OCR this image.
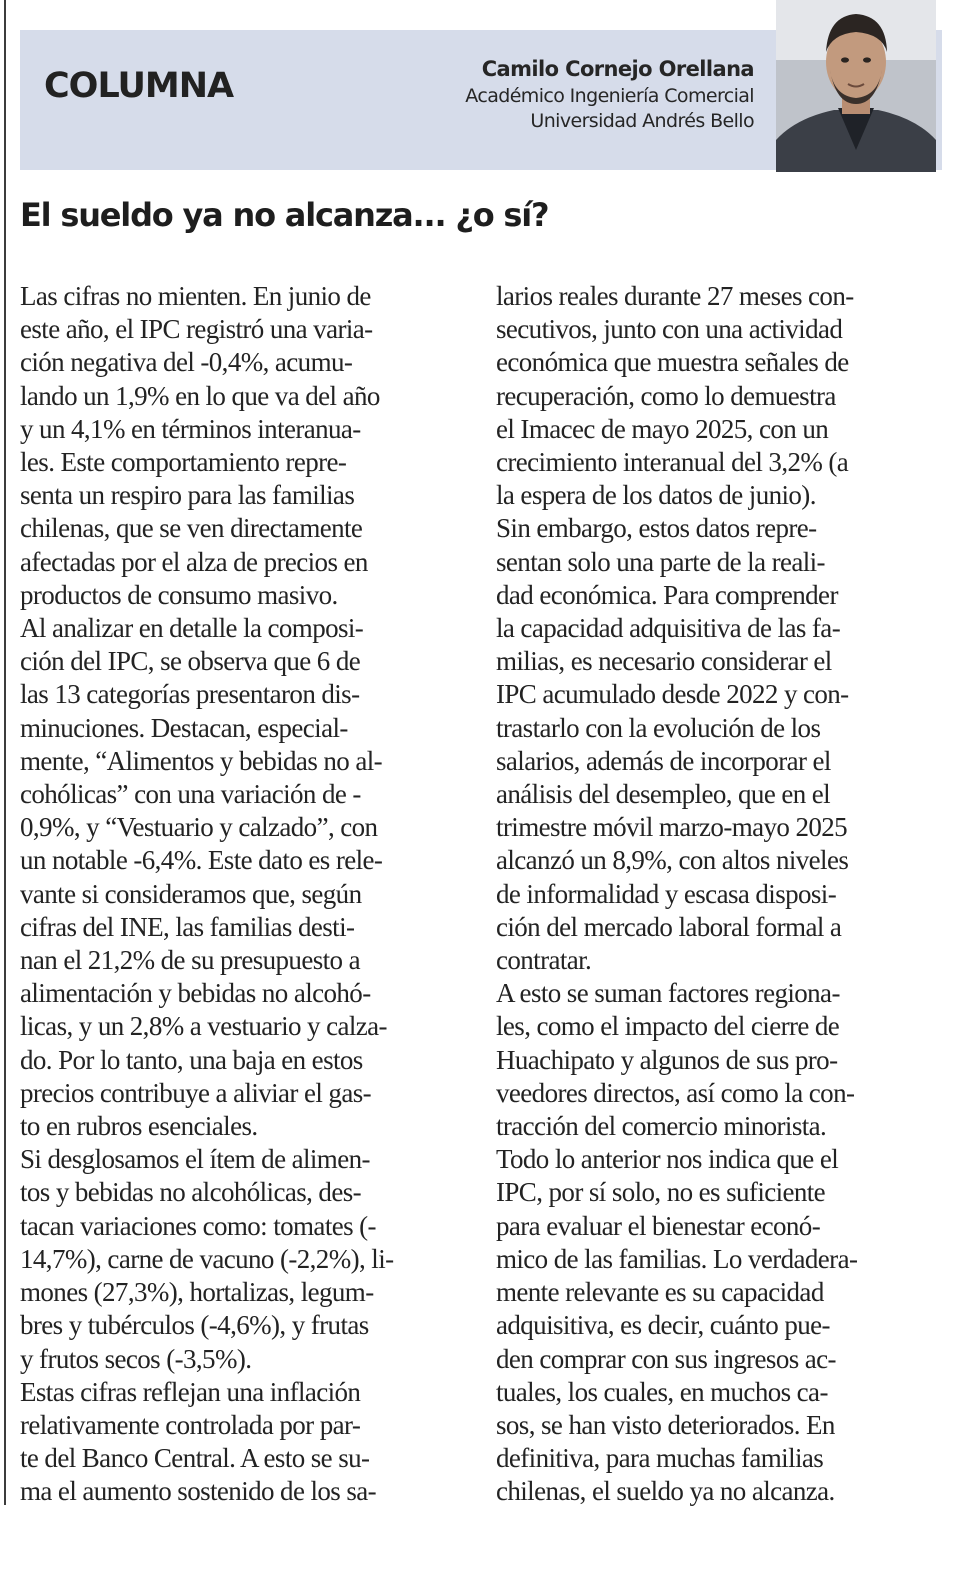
COLUMNA	Camilo Cornejo Orellana
Académico Ingeniería Comercial
Universidad Andrés Bello
El sueldo ya no alcanza... ¿o sí?
Las cifras no mienten. En junio de
este año, el IPC registró una varia-
ción negativa del -0,4%, acumu-
lando un 1,9% en lo que va del año
y un 4,1% en términos interanua-
les. Este comportamiento repre-
senta un respiro para las familias
chilenas, que se ven directamente
afectadas por el alza de precios en
productos de consumo masivo.
Al analizar en detalle la composi-
ción del IPC, se observa que 6 de
las 13 categorías presentaron dis-
minuciones. Destacan, especial-
mente, “Alimentos y bebidas no al-
cohólicas” con una variación de -
0,9%, y “Vestuario y calzado”, con
un notable -6,4%. Este dato es rele-
vante si consideramos que, según
cifras del INE, las familias desti-
nan el 21,2% de su presupuesto a
alimentación y bebidas no alcohó-
licas, y un 2,8% a vestuario y calza-
do. Por lo tanto, una baja en estos
precios contribuye a aliviar el gas-
to en rubros esenciales.
Si desglosamos el ítem de alimen-
tos y bebidas no alcohólicas, des-
tacan variaciones como: tomates (-
14,7%), carne de vacuno (-2,2%), li-
mones (27,3%), hortalizas, legum-
bres y tubérculos (-4,6%), y frutas
y frutos secos (-3,5%).
Estas cifras reflejan una inflación
relativamente controlada por par-
te del Banco Central. A esto se su-
ma el aumento sostenido de los sa-
larios reales durante 27 meses con-
secutivos, junto con una actividad
económica que muestra señales de
recuperación, como lo demuestra
el Imacec de mayo 2025, con un
crecimiento interanual del 3,2% (a
la espera de los datos de junio).
Sin embargo, estos datos repre-
sentan solo una parte de la reali-
dad económica. Para comprender
la capacidad adquisitiva de las fa-
milias, es necesario considerar el
IPC acumulado desde 2022 y con-
trastarlo con la evolución de los
salarios, además de incorporar el
análisis del desempleo, que en el
trimestre móvil marzo-mayo 2025
alcanzó un 8,9%, con altos niveles
de informalidad y escasa disposi-
ción del mercado laboral formal a
contratar.
A esto se suman factores regiona-
les, como el impacto del cierre de
Huachipato y algunos de sus pro-
veedores directos, así como la con-
tracción del comercio minorista.
Todo lo anterior nos indica que el
IPC, por sí solo, no es suficiente
para evaluar el bienestar econó-
mico de las familias. Lo verdadera-
mente relevante es su capacidad
adquisitiva, es decir, cuánto pue-
den comprar con sus ingresos ac-
tuales, los cuales, en muchos ca-
sos, se han visto deteriorados. En
definitiva, para muchas familias
chilenas, el sueldo ya no alcanza.
